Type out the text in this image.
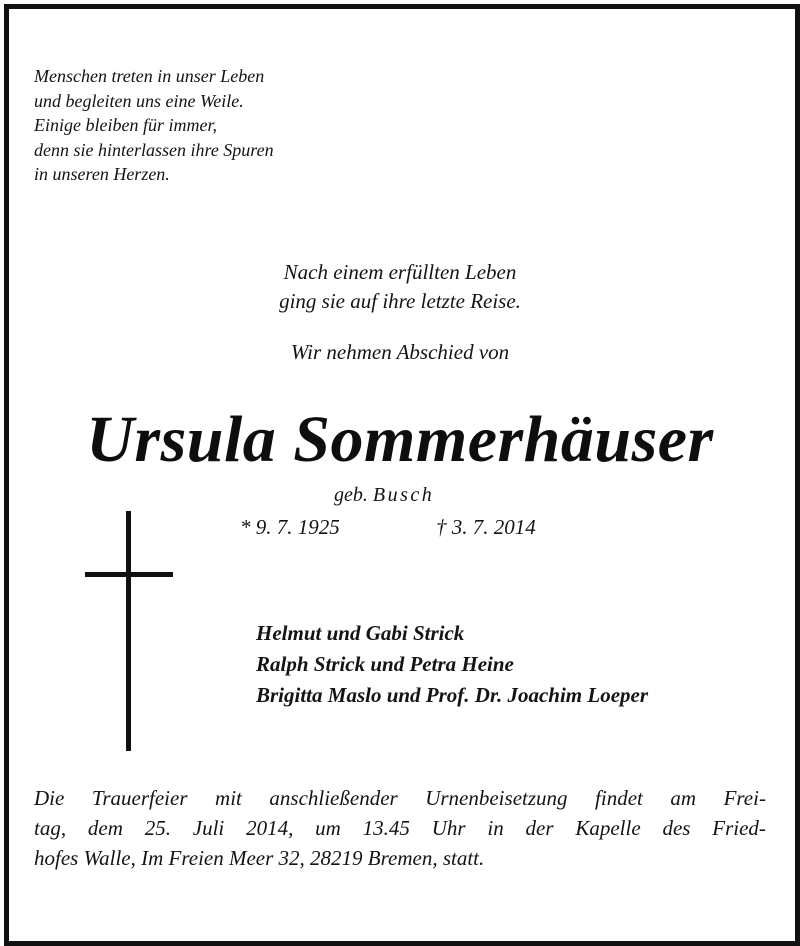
Menschen treten in unser Leben
und begleiten uns eine Weile.
Einige bleiben für immer,
denn sie hinterlassen ihre Spuren
in unseren Herzen.
Nach einem erfüllten Leben
ging sie auf ihre letzte Reise.
Wir nehmen Abschied von
Ursula Sommerhäuser
geb. Busch
* 9. 7. 1925	† 3. 7. 2014
Helmut und Gabi Strick
Ralph Strick und Petra Heine
Brigitta Maslo und Prof. Dr. Joachim Loeper
Die Trauerfeier mit anschließender Urnenbeisetzung findet am Frei-
tag, dem 25. Juli 2014, um 13.45 Uhr in der Kapelle des Fried-
hofes Walle, Im Freien Meer 32, 28219 Bremen, statt.
